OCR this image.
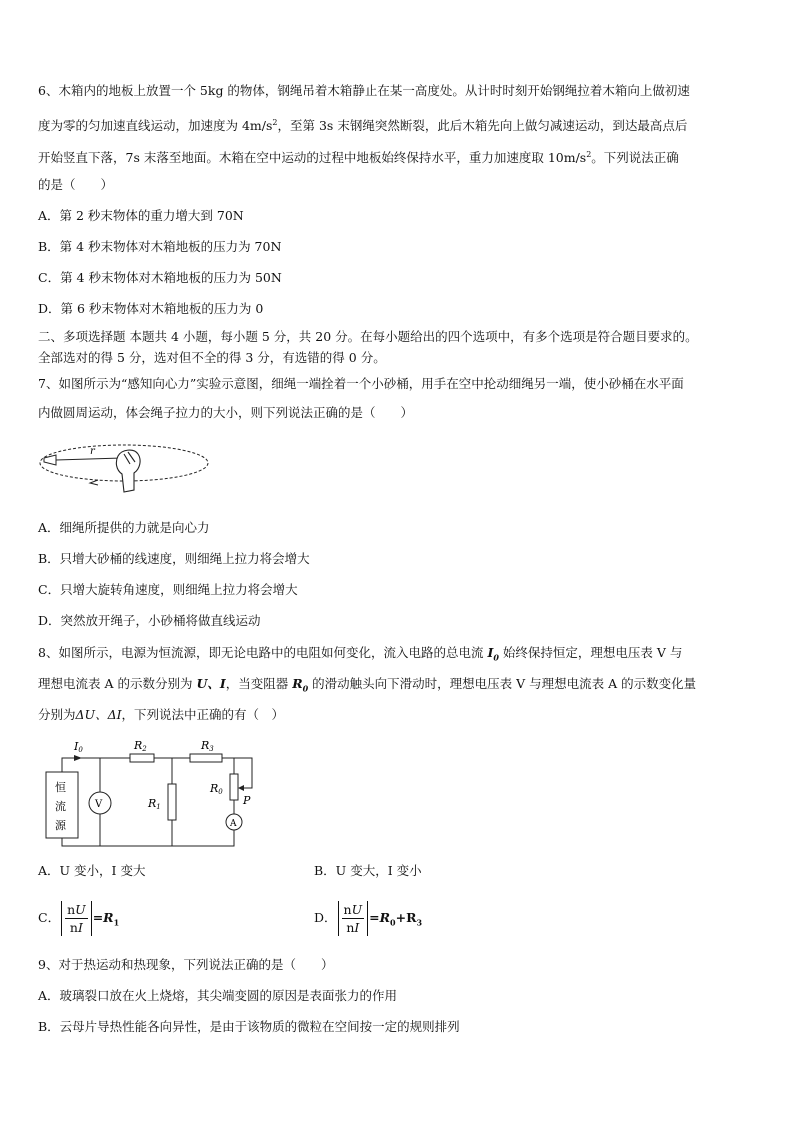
6、木箱内的地板上放置一个 5kg 的物体，钢绳吊着木箱静止在某一高度处。从计时时刻开始钢绳拉着木箱向上做初速
度为零的匀加速直线运动，加速度为 $4m/s^2$，至第 3s 末钢绳突然断裂，此后木箱先向上做匀减速运动，到达最高点后
开始竖直下落，7s 末落至地面。木箱在空中运动的过程中地板始终保持水平，重力加速度取 $10m/s^2$。下列说法正确
的是（　　）
A．第 2 秒末物体的重力增大到 70N
B．第 4 秒末物体对木箱地板的压力为 70N
C．第 4 秒末物体对木箱地板的压力为 50N
D．第 6 秒末物体对木箱地板的压力为 0
二、多项选择题 本题共 4 小题，每小题 5 分，共 20 分。在每小题给出的四个选项中，有多个选项是符合题目要求的。
全部选对的得 5 分，选对但不全的得 3 分，有选错的得 0 分。
7、如图所示为“感知向心力”实验示意图，细绳一端拴着一个小砂桶，用手在空中抡动细绳另一端，使小砂桶在水平面
内做圆周运动，体会绳子拉力的大小，则下列说法正确的是（　　）
r
A．细绳所提供的力就是向心力
B．只增大砂桶的线速度，则细绳上拉力将会增大
C．只增大旋转角速度，则细绳上拉力将会增大
D．突然放开绳子，小砂桶将做直线运动
8、如图所示，电源为恒流源，即无论电路中的电阻如何变化，流入电路的总电流 $I_0$ 始终保持恒定，理想电压表 V 与
理想电流表 A 的示数分别为 U、I，当变阻器 $R_0$ 的滑动触头向下滑动时，理想电压表 V 与理想电流表 A 的示数变化量
分别为ΔU、ΔI，下列说法中正确的有（　）
恒
流
源
I0	R2	R3
R1
R0
P
V
A
A．U 变小，I 变大	B．U 变大，I 变小
C． $\frac{nU}{nI} =R_1$	D． $\frac{nU}{nI} =R_0+R_3$
9、对于热运动和热现象，下列说法正确的是（　　）
A．玻璃裂口放在火上烧熔，其尖端变圆的原因是表面张力的作用
B．云母片导热性能各向异性，是由于该物质的微粒在空间按一定的规则排列
